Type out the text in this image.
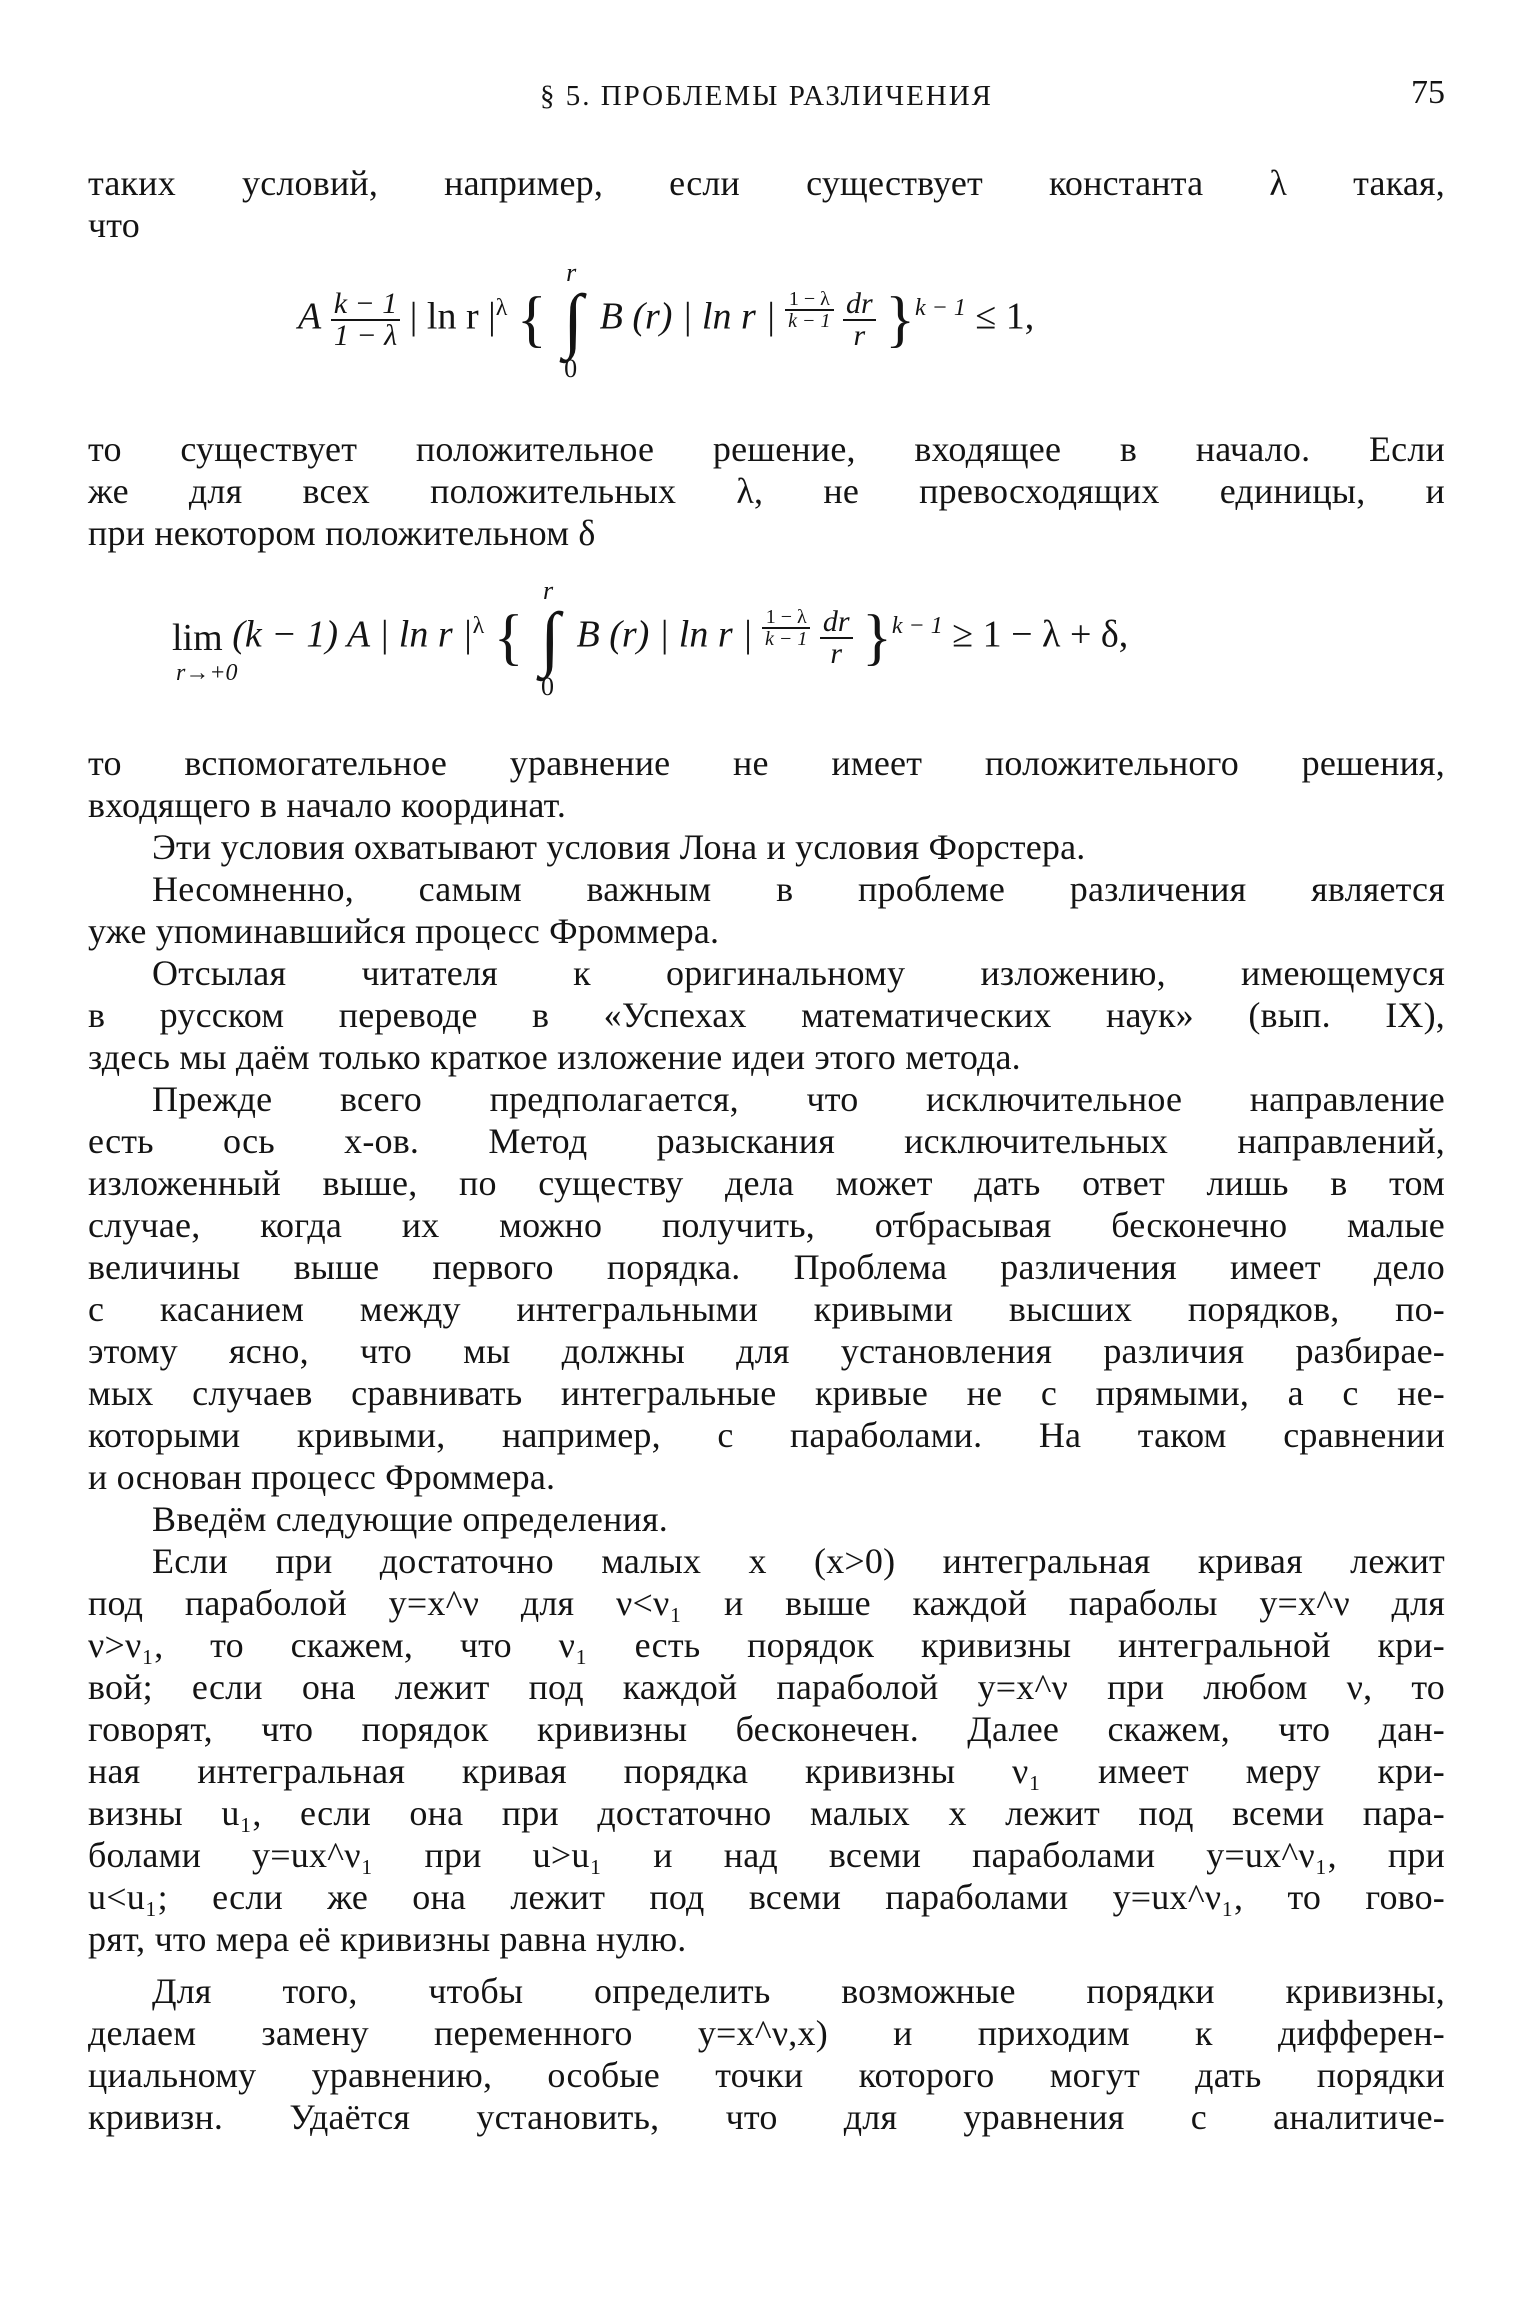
§ 5. ПРОБЛЕМЫ РАЗЛИЧЕНИЯ	75
таких условий, например, если существует константа λ такая,
что
A $\frac{k - 1}{1 - \lambda}$ | ln r $|^\lambda$ {
r
∫
0
B (r) | ln r | $^{\frac{1 - \lambda}{k - 1}}$
$\frac{dr}{r} \}^{k - 1} \le 1$,
то существует положительное решение, входящее в начало. Если
же для всех положительных λ, не превосходящих единицы, и
при некотором положительном δ
lim
r→+0
(k − 1) A | ln r $|^\lambda$ {
r
∫
0
B (r) | ln r | $^{\frac{1 - \lambda}{k - 1}}$
$\frac{dr}{r} \}^{k - 1} \ge 1 - \lambda + \delta$,
то вспомогательное уравнение не имеет положительного решения,
входящего в начало координат.
Эти условия охватывают условия Лона и условия Форстера.
Несомненно, самым важным в проблеме различения является
уже упоминавшийся процесс Фроммера.
Отсылая читателя к оригинальному изложению, имеющемуся
в русском переводе в «Успехах математических наук» (вып. IX),
здесь мы даём только краткое изложение идеи этого метода.
Прежде всего предполагается, что исключительное направление
есть ось x-ов. Метод разыскания исключительных направлений,
изложенный выше, по существу дела может дать ответ лишь в том
случае, когда их можно получить, отбрасывая бесконечно малые
величины выше первого порядка. Проблема различения имеет дело
с касанием между интегральными кривыми высших порядков, по-
этому ясно, что мы должны для установления различия разбирае-
мых случаев сравнивать интегральные кривые не с прямыми, а с не-
которыми кривыми, например, с параболами. На таком сравнении
и основан процесс Фроммера.
Введём следующие определения.
Если при достаточно малых x (x>0) интегральная кривая лежит
под параболой y=x^ν для ν<ν₁ и выше каждой параболы y=x^ν для
ν>ν₁, то скажем, что ν₁ есть порядок кривизны интегральной кри-
вой; если она лежит под каждой параболой y=x^ν при любом ν, то
говорят, что порядок кривизны бесконечен. Далее скажем, что дан-
ная интегральная кривая порядка кривизны ν₁ имеет меру кри-
визны u₁, если она при достаточно малых x лежит под всеми пара-
болами y=ux^ν₁ при u>u₁ и над всеми параболами y=ux^ν₁, при
u<u₁; если же она лежит под всеми параболами y=ux^ν₁, то гово-
рят, что мера её кривизны равна нулю.
Для того, чтобы определить возможные порядки кривизны,
делаем замену переменного y=x^ν,x) и приходим к дифферен-
циальному уравнению, особые точки которого могут дать порядки
кривизн. Удаётся установить, что для уравнения с аналитиче-
